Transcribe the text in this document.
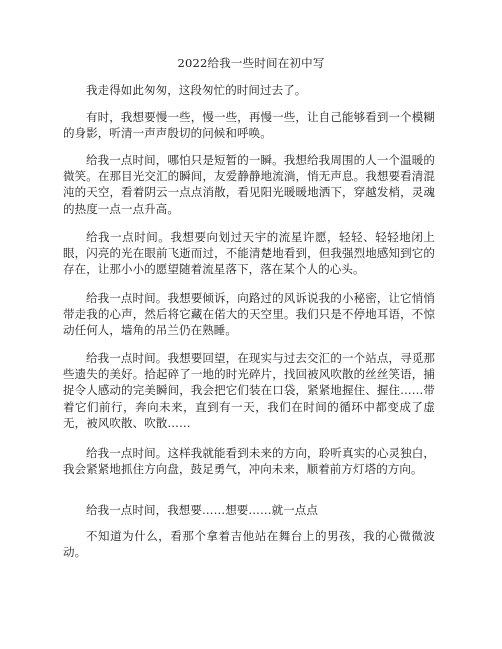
2022给我一些时间在初中写

我走得如此匆匆，这段匆忙的时间过去了。

有时，我想要慢一些，慢一些，再慢一些，让自己能够看到一个模糊的身影，听清一声声殷切的问候和呼唤。

给我一点时间，哪怕只是短暂的一瞬。我想给我周围的人一个温暖的微笑。在那目光交汇的瞬间，友爱静静地流淌，悄无声息。我想要看清混沌的天空，看着阴云一点点消散，看见阳光暖暖地洒下，穿越发梢，灵魂的热度一点一点升高。

给我一点时间。我想要向划过天宇的流星许愿，轻轻、轻轻地闭上眼，闪亮的光在眼前飞逝而过，不能清楚地看到，但我强烈地感知到它的存在，让那小小的愿望随着流星落下，落在某个人的心头。

给我一点时间。我想要倾诉，向路过的风诉说我的小秘密，让它悄悄带走我的心声，然后将它藏在偌大的天空里。我们只是不停地耳语，不惊动任何人，墙角的吊兰仍在熟睡。

给我一点时间。我想要回望，在现实与过去交汇的一个站点，寻觅那些遗失的美好。拾起碎了一地的时光碎片，找回被风吹散的丝丝笑语，捕捉令人感动的完美瞬间，我会把它们装在口袋，紧紧地握住、握住……带着它们前行，奔向未来，直到有一天，我们在时间的循环中都变成了虚无，被风吹散、吹散……

给我一点时间。这样我就能看到未来的方向，聆听真实的心灵独白，我会紧紧地抓住方向盘，鼓足勇气，冲向未来，顺着前方灯塔的方向。

给我一点时间，我想要……想要……就一点点

不知道为什么，看那个拿着吉他站在舞台上的男孩，我的心微微波动。
